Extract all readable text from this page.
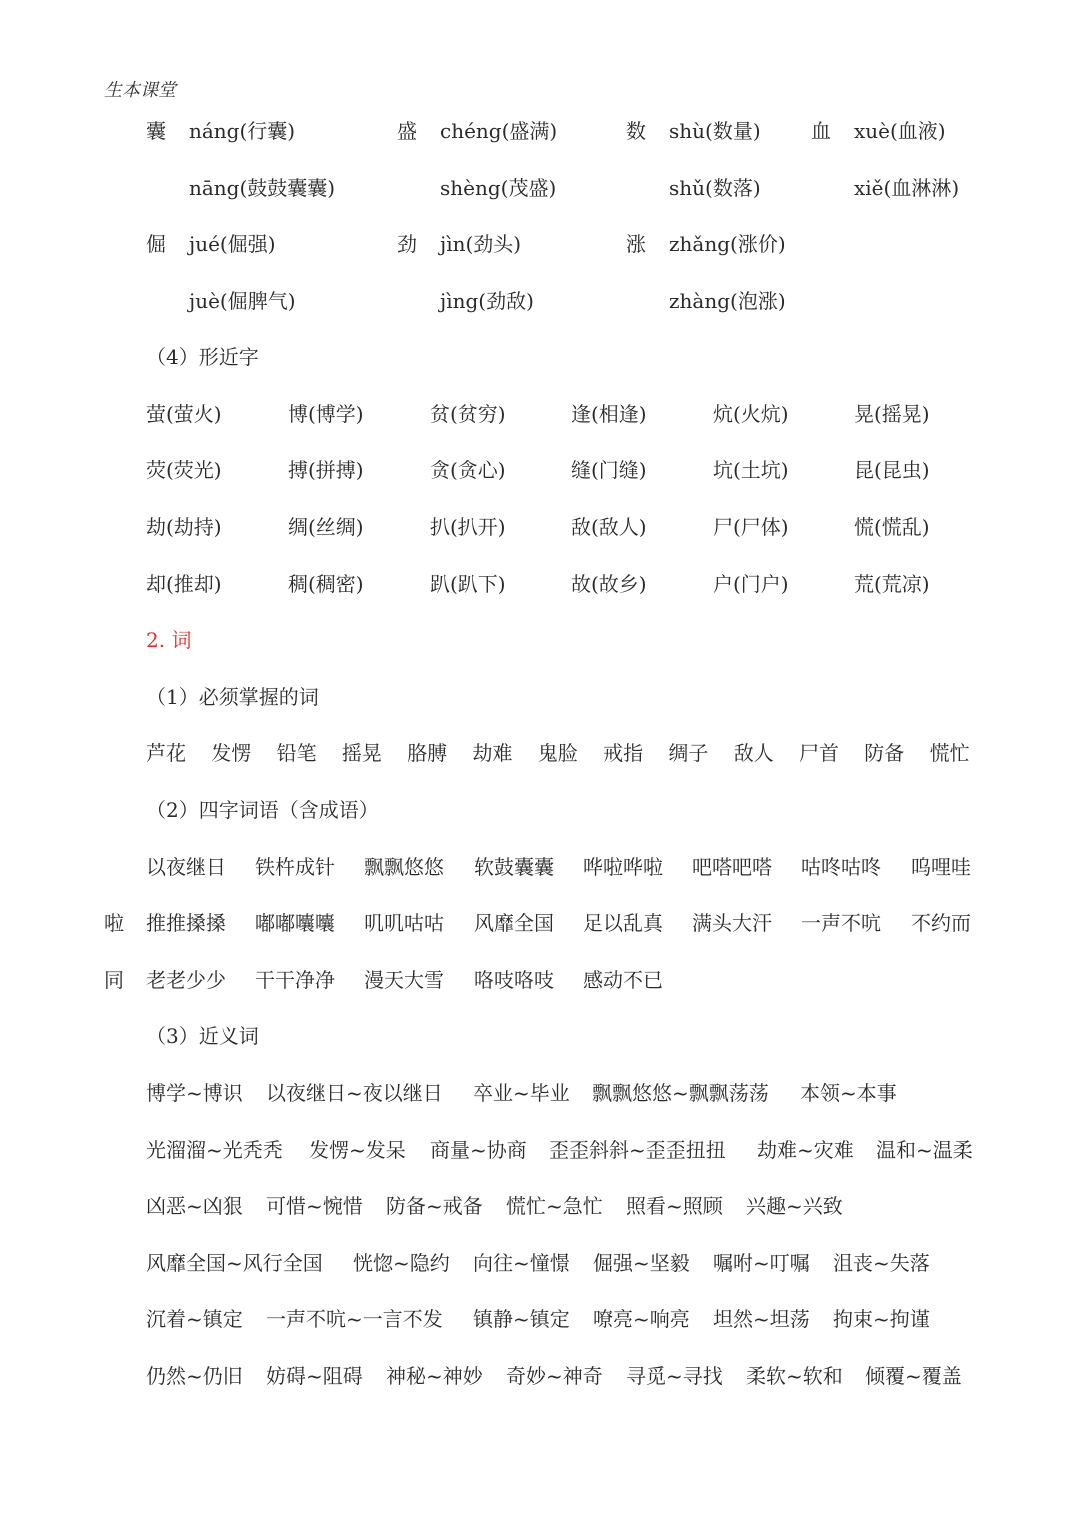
生本课堂
囊 náng(行囊)	盛 chéng(盛满)	数 shù(数量)	血 xuè(血液)
nāng(鼓鼓囊囊)	shèng(茂盛)	shǔ(数落)	xiě(血淋淋)
倔 jué(倔强)	劲 jìn(劲头)	涨 zhǎng(涨价)
juè(倔脾气)	jìng(劲敌)	zhàng(泡涨)
（4）形近字
萤(萤火)	博(博学)	贫(贫穷)	逢(相逢)	炕(火炕)	晃(摇晃)
荧(荧光)	搏(拼搏)	贪(贪心)	缝(门缝)	坑(土坑)	昆(昆虫)
劫(劫持)	绸(丝绸)	扒(扒开)	敌(敌人)	尸(尸体)	慌(慌乱)
却(推却)	稠(稠密)	趴(趴下)	故(故乡)	户(门户)	荒(荒凉)
2. 词
（1）必须掌握的词
芦花 发愣 铅笔 摇晃 胳膊 劫难 鬼脸 戒指 绸子 敌人 尸首 防备 慌忙
（2）四字词语（含成语）
以夜继日 铁杵成针 飘飘悠悠 软鼓囊囊 哗啦哗啦 吧嗒吧嗒 咕咚咕咚 呜哩哇
啦 推推搡搡 嘟嘟囔囔 叽叽咕咕 风靡全国 足以乱真 满头大汗 一声不吭 不约而
同 老老少少 干干净净 漫天大雪 咯吱咯吱 感动不已
（3）近义词
博学~博识 以夜继日~夜以继日 卒业~毕业 飘飘悠悠~飘飘荡荡 本领~本事
光溜溜~光秃秃 发愣~发呆 商量~协商 歪歪斜斜~歪歪扭扭 劫难~灾难 温和~温柔
凶恶~凶狠 可惜~惋惜 防备~戒备 慌忙~急忙 照看~照顾 兴趣~兴致
风靡全国~风行全国 恍惚~隐约 向往~憧憬 倔强~坚毅 嘱咐~叮嘱 沮丧~失落
沉着~镇定 一声不吭~一言不发 镇静~镇定 嘹亮~响亮 坦然~坦荡 拘束~拘谨
仍然~仍旧 妨碍~阻碍 神秘~神妙 奇妙~神奇 寻觅~寻找 柔软~软和 倾覆~覆盖
